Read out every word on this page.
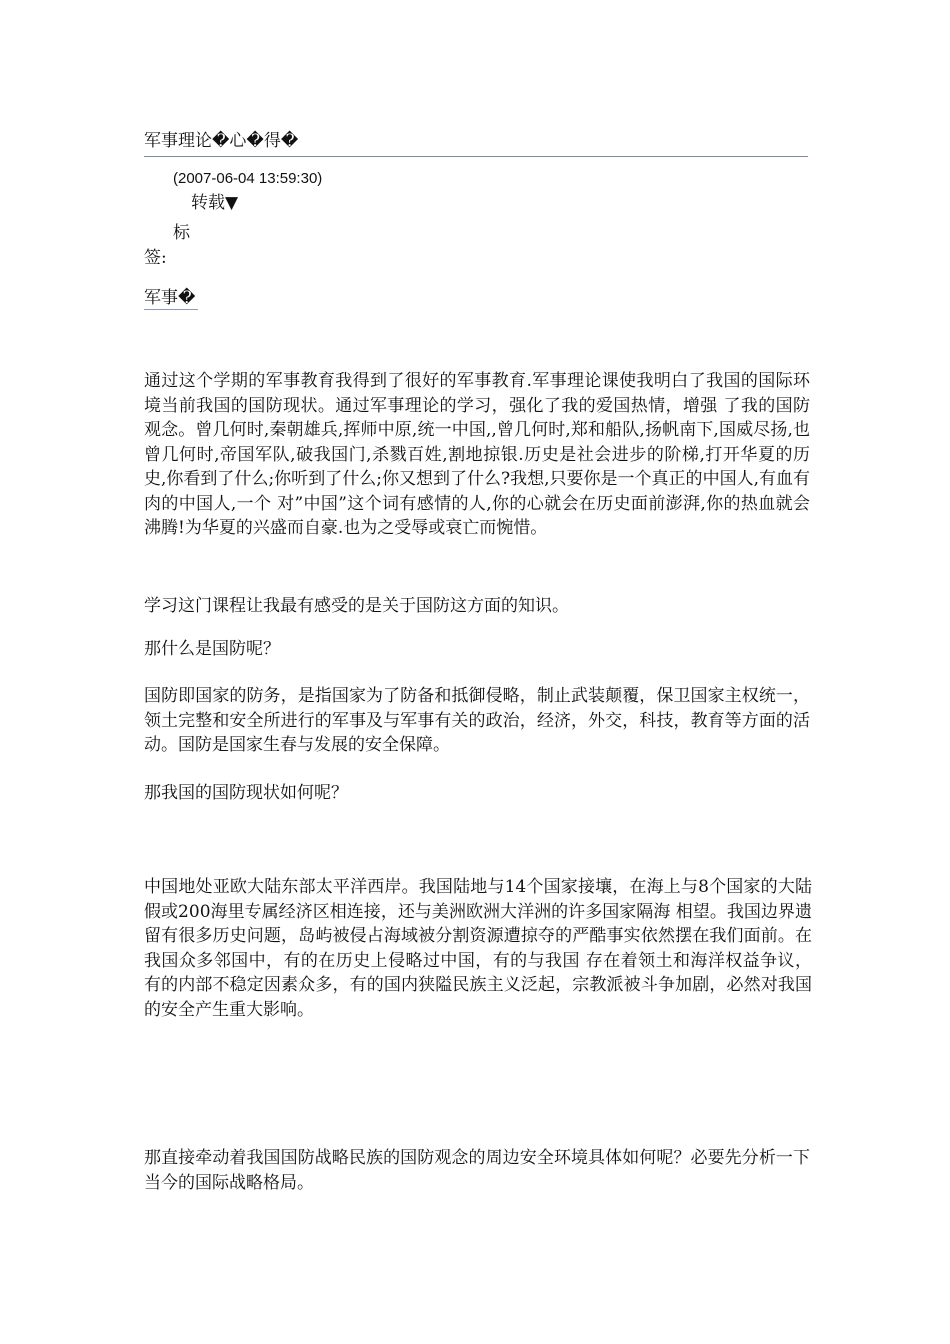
军事理论�心�得�
(2007-06-04 13:59:30)
转载▼
标
签:
军事�

通过这个学期的军事教育我得到了很好的军事教育.军事理论课使我明白了我国的国际环境当前我国的国防现状。通过军事理论的学习，强化了我的爱国热情，增强 了我的国防观念。曾几何时,秦朝雄兵,挥师中原,统一中国,,曾几何时,郑和船队,扬帆南下,国威尽扬,也曾几何时,帝国军队,破我国门,杀戮百姓,割地掠银.历史是社会进步的阶梯,打开华夏的历史,你看到了什么;你听到了什么;你又想到了什么?我想,只要你是一个真正的中国人,有血有肉的中国人,一个 对”中国”这个词有感情的人,你的心就会在历史面前澎湃,你的热血就会沸腾!为华夏的兴盛而自豪.也为之受辱或衰亡而惋惜。

学习这门课程让我最有感受的是关于国防这方面的知识。

那什么是国防呢？

国防即国家的防务，是指国家为了防备和抵御侵略，制止武装颠覆，保卫国家主权统一，领土完整和安全所进行的军事及与军事有关的政治，经济，外交，科技，教育等方面的活动。国防是国家生春与发展的安全保障。

那我国的国防现状如何呢？

中国地处亚欧大陆东部太平洋西岸。我国陆地与14个国家接壤，在海上与8个国家的大陆假或200海里专属经济区相连接，还与美洲欧洲大洋洲的许多国家隔海 相望。我国边界遗留有很多历史问题，岛屿被侵占海域被分割资源遭掠夺的严酷事实依然摆在我们面前。在我国众多邻国中，有的在历史上侵略过中国，有的与我国 存在着领土和海洋权益争议，有的内部不稳定因素众多，有的国内狭隘民族主义泛起，宗教派被斗争加剧，必然对我国的安全产生重大影响。

那直接牵动着我国国防战略民族的国防观念的周边安全环境具体如何呢？必要先分析一下当今的国际战略格局。
